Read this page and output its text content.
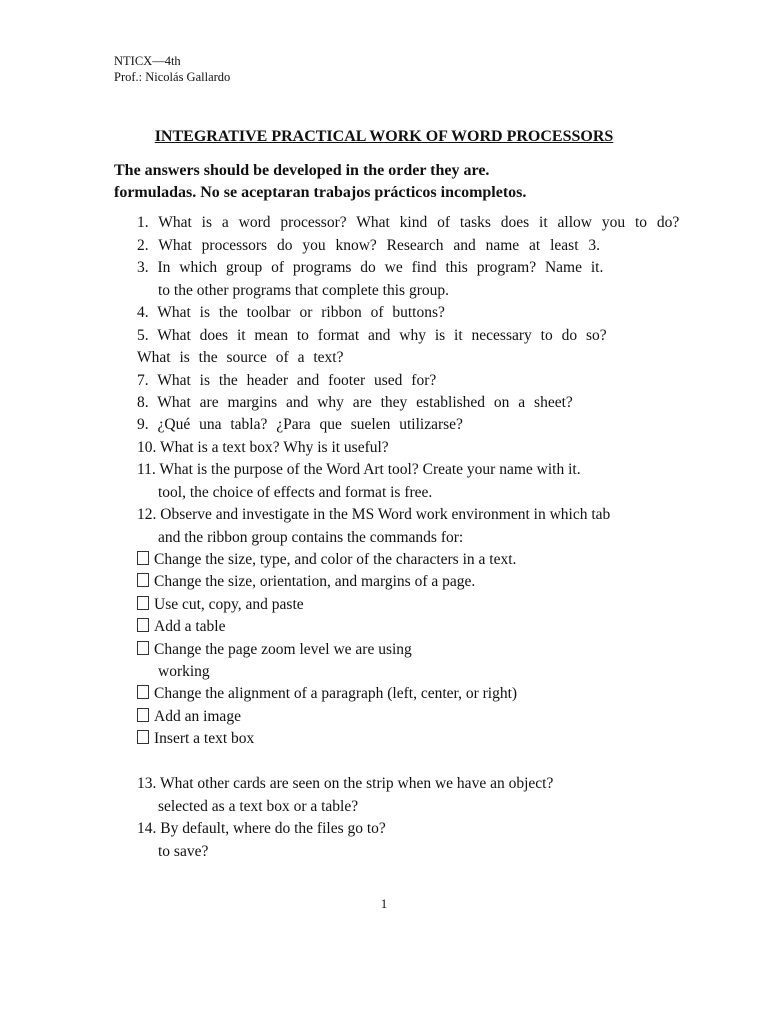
NTICX—4th
Prof.: Nicolás Gallardo
INTEGRATIVE PRACTICAL WORK OF WORD PROCESSORS
The answers should be developed in the order they are.
formuladas. No se aceptaran trabajos prácticos incompletos.
1. What is a word processor? What kind of tasks does it allow you to do?
2. What processors do you know? Research and name at least 3.
3. In which group of programs do we find this program? Name it.
to the other programs that complete this group.
4. What is the toolbar or ribbon of buttons?
5. What does it mean to format and why is it necessary to do so?
What is the source of a text?
7. What is the header and footer used for?
8. What are margins and why are they established on a sheet?
9. ¿Qué una tabla? ¿Para que suelen utilizarse?
10. What is a text box? Why is it useful?
11. What is the purpose of the Word Art tool? Create your name with it.
tool, the choice of effects and format is free.
12. Observe and investigate in the MS Word work environment in which tab
and the ribbon group contains the commands for:
Change the size, type, and color of the characters in a text.
Change the size, orientation, and margins of a page.
Use cut, copy, and paste
Add a table
Change the page zoom level we are using
working
Change the alignment of a paragraph (left, center, or right)
Add an image
Insert a text box
13. What other cards are seen on the strip when we have an object?
selected as a text box or a table?
14. By default, where do the files go to?
to save?
1
